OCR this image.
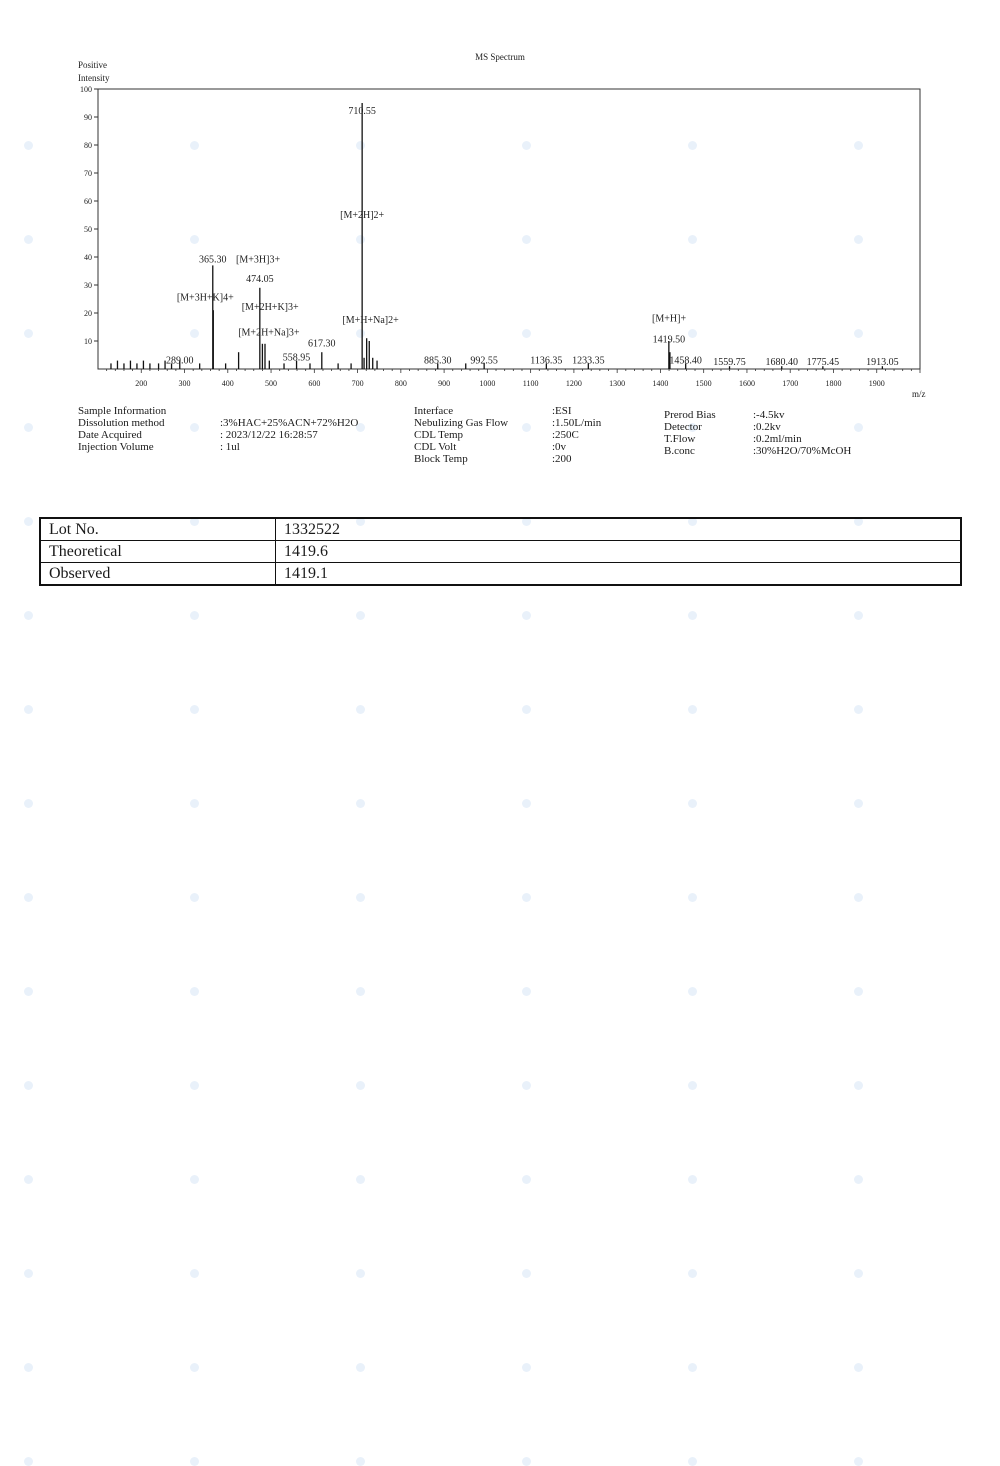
MS Spectrum
Positive
Intensity
m/z
10
20
30
40
50
60
70
80
90
100
200	300	400	500	600	700	800	900	1000	1100	1200	1300	1400	1500	1600	1700	1800	1900
710.55
[M+2H]2+
365.30 [M+3H]3+
474.05
[M+3H+K]4+
[M+2H+K]3+
[M+H+Na]2+
[M+2H+Na]3+
617.30
558.95
289.00	885.30 992.55	1136.35 1233.35
[M+H]+
1419.50
1458.40 1559.75 1680.40 1775.45	1913.05
Sample Information
Dissolution method	:3%HAC+25%ACN+72%H2O
Date Acquired	: 2023/12/22 16:28:57
Injection Volume	: 1ul
Interface	:ESI
Nebulizing Gas Flow	:1.50L/min
CDL Temp	:250C
CDL Volt	:0v
Block Temp	:200
Prerod Bias	:-4.5kv
Detector	:0.2kv
T.Flow	:0.2ml/min
B.conc	:30%H2O/70%McOH
Lot No.	1332522
Theoretical	1419.6
Observed	1419.1
